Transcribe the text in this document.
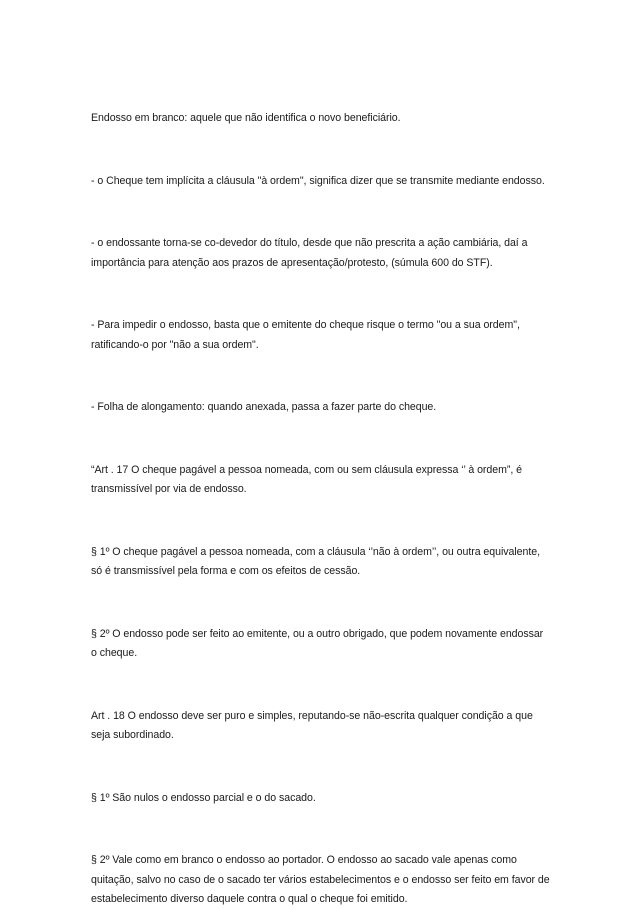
Endosso em branco: aquele que não identifica o novo beneficiário.

- o Cheque tem implícita a cláusula "à ordem", significa dizer que se transmite mediante endosso.

- o endossante torna-se co-devedor do título, desde que não prescrita a ação cambiária, daí a importância para atenção aos prazos de apresentação/protesto, (súmula 600 do STF).

- Para impedir o endosso, basta que o emitente do cheque risque o termo "ou a sua ordem", ratificando-o por "não a sua ordem".

- Folha de alongamento: quando anexada, passa a fazer parte do cheque.

“Art . 17 O cheque pagável a pessoa nomeada, com ou sem cláusula expressa ‘’ à ordem”, é transmissível por via de endosso.

§ 1º O cheque pagável a pessoa nomeada, com a cláusula ‘’não à ordem’’, ou outra equivalente, só é transmissível pela forma e com os efeitos de cessão.

§ 2º O endosso pode ser feito ao emitente, ou a outro obrigado, que podem novamente endossar o cheque.

Art . 18 O endosso deve ser puro e simples, reputando-se não-escrita qualquer condição a que seja subordinado.

§ 1º São nulos o endosso parcial e o do sacado.

§ 2º Vale como em branco o endosso ao portador. O endosso ao sacado vale apenas como quitação, salvo no caso de o sacado ter vários estabelecimentos e o endosso ser feito em favor de estabelecimento diverso daquele contra o qual o cheque foi emitido.
